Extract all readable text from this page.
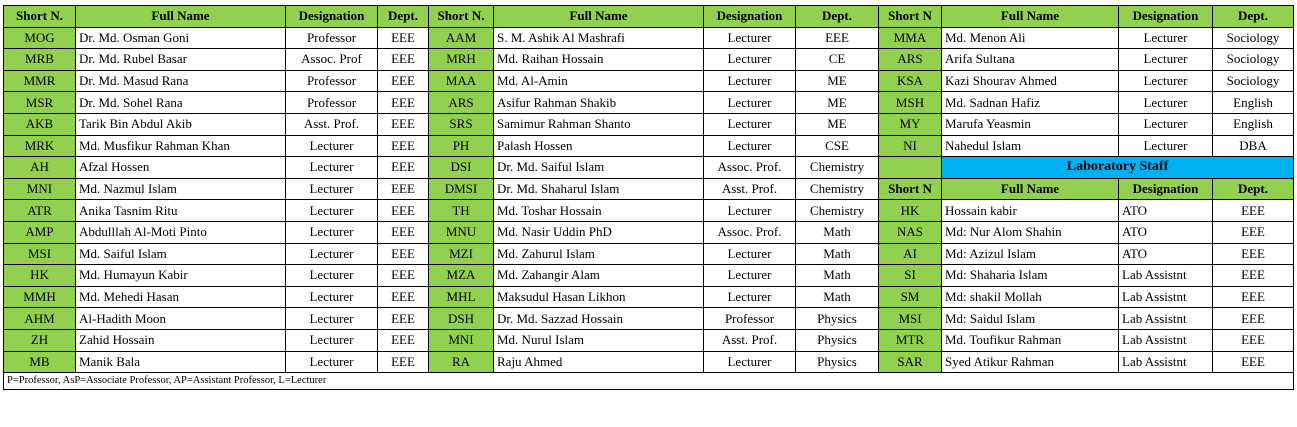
Short N.	Full Name	Designation	Dept.	Short N.	Full Name	Designation	Dept.	Short N	Full Name	Designation	Dept.
MOG	Dr. Md. Osman Goni	Professor	EEE	AAM	S. M. Ashik Al Mashrafi	Lecturer	EEE	MMA	Md. Menon Ali	Lecturer	Sociology
MRB	Dr. Md. Rubel Basar	Assoc. Prof	EEE	MRH	Md. Raihan Hossain	Lecturer	CE	ARS	Arifa Sultana	Lecturer	Sociology
MMR	Dr. Md. Masud Rana	Professor	EEE	MAA	Md. Al-Amin	Lecturer	ME	KSA	Kazi Shourav Ahmed	Lecturer	Sociology
MSR	Dr. Md. Sohel Rana	Professor	EEE	ARS	Asifur Rahman Shakib	Lecturer	ME	MSH	Md. Sadnan Hafiz	Lecturer	English
AKB	Tarik Bin Abdul Akib	Asst. Prof.	EEE	SRS	Samimur Rahman Shanto	Lecturer	ME	MY	Marufa Yeasmin	Lecturer	English
MRK	Md. Musfikur Rahman Khan	Lecturer	EEE	PH	Palash Hossen	Lecturer	CSE	NI	Nahedul Islam	Lecturer	DBA
AH	Afzal Hossen	Lecturer	EEE	DSI	Dr. Md. Saiful Islam	Assoc. Prof.	Chemistry		Laboratory Staff		
MNI	Md. Nazmul Islam	Lecturer	EEE	DMSI	Dr. Md. Shaharul Islam	Asst. Prof.	Chemistry	Short N	Full Name	Designation	Dept.
ATR	Anika Tasnim Ritu	Lecturer	EEE	TH	Md. Toshar Hossain	Lecturer	Chemistry	HK	Hossain kabir	ATO	EEE
AMP	Abdulllah Al-Moti Pinto	Lecturer	EEE	MNU	Md. Nasir Uddin PhD	Assoc. Prof.	Math	NAS	Md: Nur Alom Shahin	ATO	EEE
MSI	Md. Saiful Islam	Lecturer	EEE	MZI	Md. Zahurul Islam	Lecturer	Math	AI	Md: Azizul Islam	ATO	EEE
HK	Md. Humayun Kabir	Lecturer	EEE	MZA	Md. Zahangir Alam	Lecturer	Math	SI	Md: Shaharia Islam	Lab Assistnt	EEE
MMH	Md. Mehedi Hasan	Lecturer	EEE	MHL	Maksudul Hasan Likhon	Lecturer	Math	SM	Md: shakil Mollah	Lab Assistnt	EEE
AHM	Al-Hadith Moon	Lecturer	EEE	DSH	Dr. Md. Sazzad Hossain	Professor	Physics	MSI	Md: Saidul Islam	Lab Assistnt	EEE
ZH	Zahid Hossain	Lecturer	EEE	MNI	Md. Nurul Islam	Asst. Prof.	Physics	MTR	Md. Toufikur Rahman	Lab Assistnt	EEE
MB	Manik Bala	Lecturer	EEE	RA	Raju Ahmed	Lecturer	Physics	SAR	Syed Atikur Rahman	Lab Assistnt	EEE
P=Professor, AsP=Associate Professor, AP=Assistant Professor, L=Lecturer											
